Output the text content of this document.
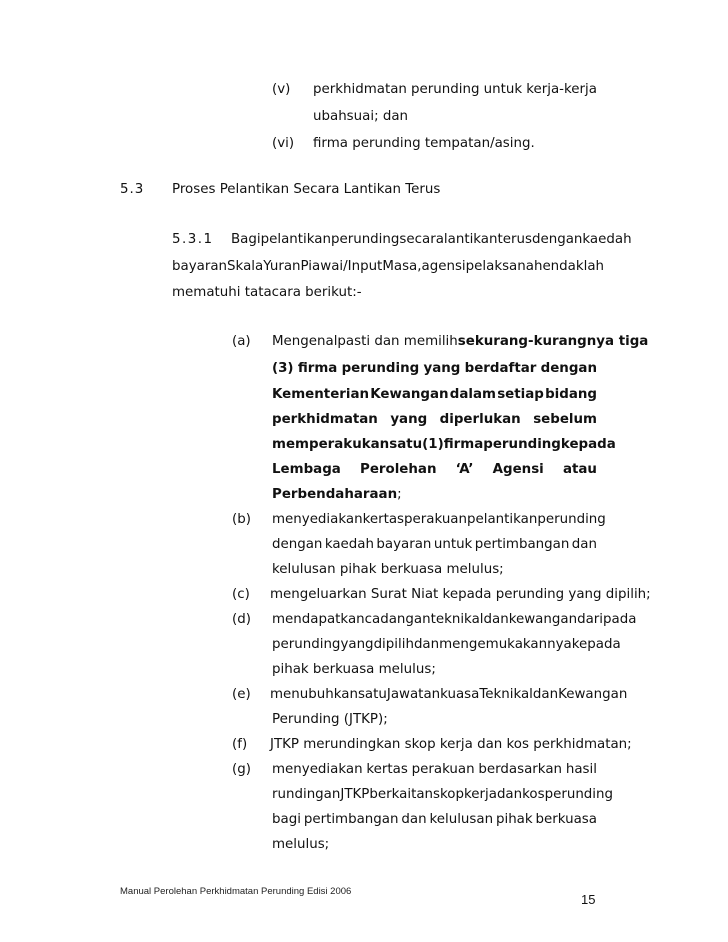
(v) perkhidmatan perunding untuk kerja-kerja
ubahsuai; dan
(vi) firma perunding tempatan/asing.
5.3 Proses Pelantikan Secara Lantikan Terus
5.3.1 Bagi pelantikan perunding secara lantikan terus dengan kaedah
bayaran Skala Yuran Piawai/Input Masa, agensi pelaksana hendaklah
mematuhi tatacara berikut:-
(a) Mengenalpasti dan memilih sekurang-kurangnya tiga
(3) firma perunding yang berdaftar dengan
Kementerian Kewangan dalam setiap bidang
perkhidmatan yang diperlukan sebelum
memperakukan satu (1) firma perunding kepada
Lembaga Perolehan ‘A’ Agensi atau
Perbendaharaan;
(b) menyediakan kertas perakuan pelantikan perunding
dengan kaedah bayaran untuk pertimbangan dan
kelulusan pihak berkuasa melulus;
(c) mengeluarkan Surat Niat kepada perunding yang dipilih;
(d) mendapatkan cadangan teknikal dan kewangan daripada
perunding yang dipilih dan mengemukakannya kepada
pihak berkuasa melulus;
(e) menubuhkan satu Jawatankuasa Teknikal dan Kewangan
Perunding (JTKP);
(f) JTKP merundingkan skop kerja dan kos perkhidmatan;
(g) menyediakan kertas perakuan berdasarkan hasil
rundingan JTKP berkaitan skop kerja dan kos perunding
bagi pertimbangan dan kelulusan pihak berkuasa
melulus;
Manual Perolehan Perkhidmatan Perunding Edisi 2006
15
